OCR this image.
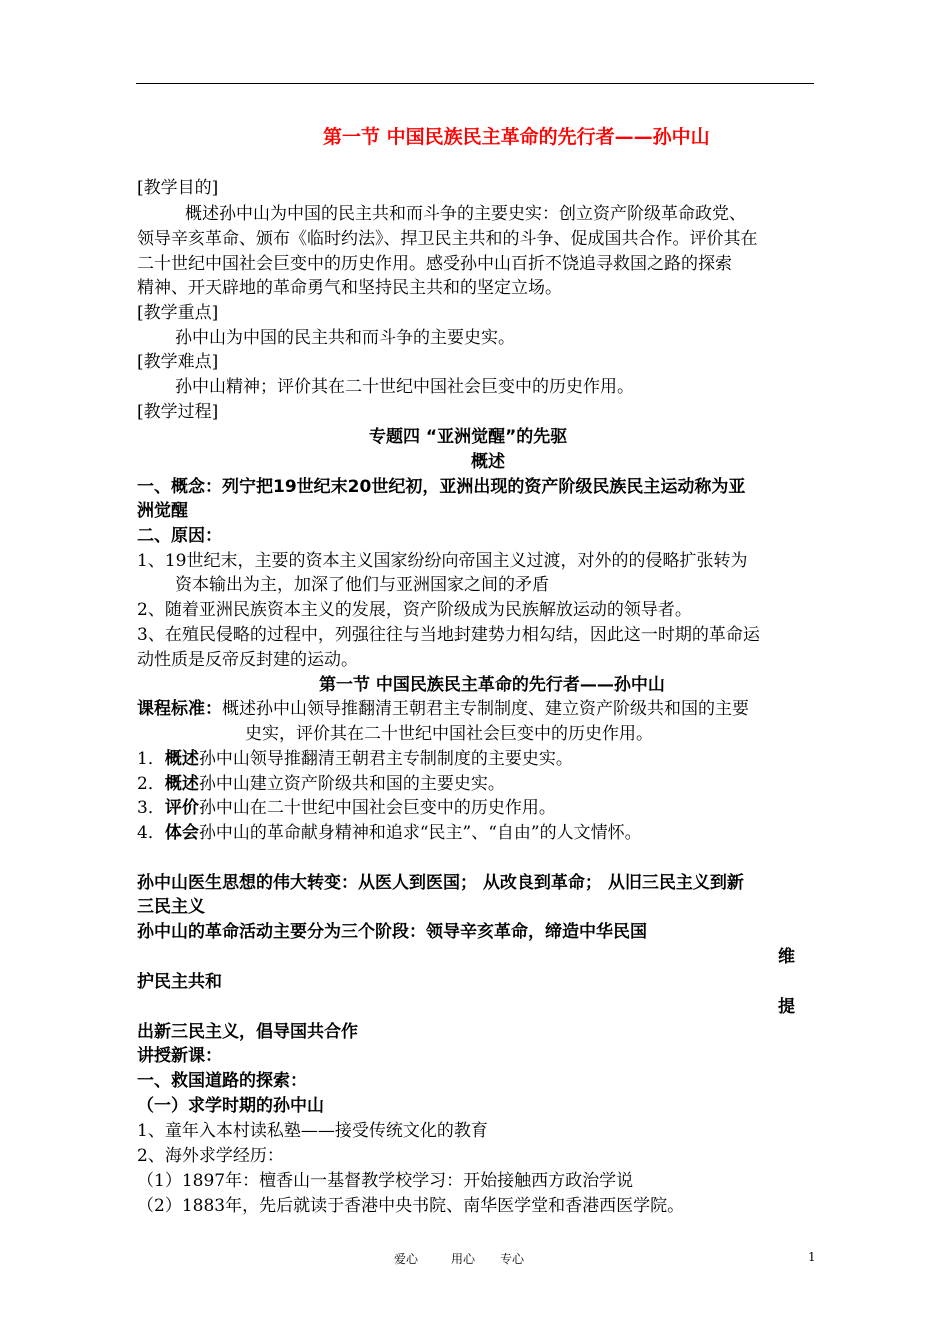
第一节 中国民族民主革命的先行者——孙中山
[教学目的]
概述孙中山为中国的民主共和而斗争的主要史实：创立资产阶级革命政党、
领导辛亥革命、颁布《临时约法》、捍卫民主共和的斗争、促成国共合作。评价其在
二十世纪中国社会巨变中的历史作用。感受孙中山百折不饶追寻救国之路的探索
精神、开天辟地的革命勇气和坚持民主共和的坚定立场。
[教学重点]
孙中山为中国的民主共和而斗争的主要史实。
[教学难点]
孙中山精神；评价其在二十世纪中国社会巨变中的历史作用。
[教学过程]
专题四 “亚洲觉醒”的先驱
概述
一、概念：列宁把19世纪末20世纪初，亚洲出现的资产阶级民族民主运动称为亚
洲觉醒
二、原因：
1、19世纪末，主要的资本主义国家纷纷向帝国主义过渡，对外的的侵略扩张转为
资本输出为主，加深了他们与亚洲国家之间的矛盾
2、随着亚洲民族资本主义的发展，资产阶级成为民族解放运动的领导者。
3、在殖民侵略的过程中，列强往往与当地封建势力相勾结，因此这一时期的革命运
动性质是反帝反封建的运动。
第一节 中国民族民主革命的先行者——孙中山
课程标准：概述孙中山领导推翻清王朝君主专制制度、建立资产阶级共和国的主要
史实，评价其在二十世纪中国社会巨变中的历史作用。
1．概述孙中山领导推翻清王朝君主专制制度的主要史实。
2．概述孙中山建立资产阶级共和国的主要史实。
3．评价孙中山在二十世纪中国社会巨变中的历史作用。
4．体会孙中山的革命献身精神和追求“民主”、“自由”的人文情怀。
孙中山医生思想的伟大转变：从医人到医国； 从改良到革命； 从旧三民主义到新
三民主义
孙中山的革命活动主要分为三个阶段：领导辛亥革命，缔造中华民国
维
护民主共和
提
出新三民主义，倡导国共合作
讲授新课：
一、救国道路的探索：
（一）求学时期的孙中山
1、童年入本村读私塾——接受传统文化的教育
2、海外求学经历：
（1）1897年：檀香山一基督教学校学习：开始接触西方政治学说
（2）1883年，先后就读于香港中央书院、南华医学堂和香港西医学院。
爱心	用心 专心	1
